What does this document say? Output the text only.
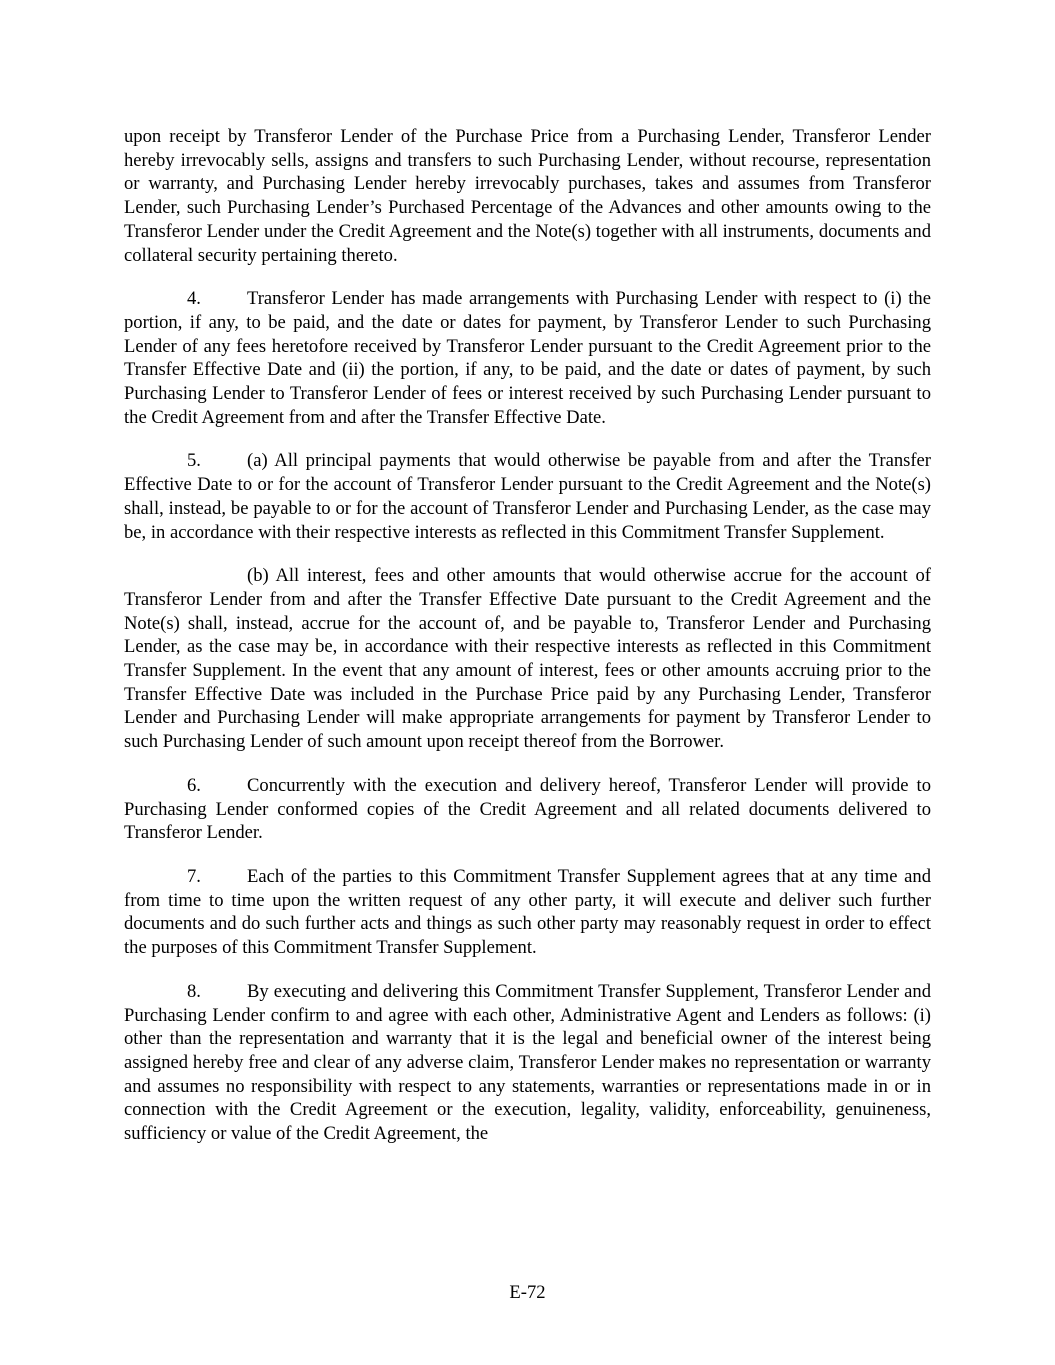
upon receipt by Transferor Lender of the Purchase Price from a Purchasing Lender, Transferor Lender hereby irrevocably sells, assigns and transfers to such Purchasing Lender, without recourse, representation or warranty, and Purchasing Lender hereby irrevocably purchases, takes and assumes from Transferor Lender, such Purchasing Lender’s Purchased Percentage of the Advances and other amounts owing to the Transferor Lender under the Credit Agreement and the Note(s) together with all instruments, documents and collateral security pertaining thereto.

4. Transferor Lender has made arrangements with Purchasing Lender with respect to (i) the portion, if any, to be paid, and the date or dates for payment, by Transferor Lender to such Purchasing Lender of any fees heretofore received by Transferor Lender pursuant to the Credit Agreement prior to the Transfer Effective Date and (ii) the portion, if any, to be paid, and the date or dates of payment, by such Purchasing Lender to Transferor Lender of fees or interest received by such Purchasing Lender pursuant to the Credit Agreement from and after the Transfer Effective Date.

5. (a) All principal payments that would otherwise be payable from and after the Transfer Effective Date to or for the account of Transferor Lender pursuant to the Credit Agreement and the Note(s) shall, instead, be payable to or for the account of Transferor Lender and Purchasing Lender, as the case may be, in accordance with their respective interests as reflected in this Commitment Transfer Supplement.

(b) All interest, fees and other amounts that would otherwise accrue for the account of Transferor Lender from and after the Transfer Effective Date pursuant to the Credit Agreement and the Note(s) shall, instead, accrue for the account of, and be payable to, Transferor Lender and Purchasing Lender, as the case may be, in accordance with their respective interests as reflected in this Commitment Transfer Supplement. In the event that any amount of interest, fees or other amounts accruing prior to the Transfer Effective Date was included in the Purchase Price paid by any Purchasing Lender, Transferor Lender and Purchasing Lender will make appropriate arrangements for payment by Transferor Lender to such Purchasing Lender of such amount upon receipt thereof from the Borrower.

6. Concurrently with the execution and delivery hereof, Transferor Lender will provide to Purchasing Lender conformed copies of the Credit Agreement and all related documents delivered to Transferor Lender.

7. Each of the parties to this Commitment Transfer Supplement agrees that at any time and from time to time upon the written request of any other party, it will execute and deliver such further documents and do such further acts and things as such other party may reasonably request in order to effect the purposes of this Commitment Transfer Supplement.

8. By executing and delivering this Commitment Transfer Supplement, Transferor Lender and Purchasing Lender confirm to and agree with each other, Administrative Agent and Lenders as follows: (i) other than the representation and warranty that it is the legal and beneficial owner of the interest being assigned hereby free and clear of any adverse claim, Transferor Lender makes no representation or warranty and assumes no responsibility with respect to any statements, warranties or representations made in or in connection with the Credit Agreement or the execution, legality, validity, enforceability, genuineness, sufficiency or value of the Credit Agreement, the

E-72
